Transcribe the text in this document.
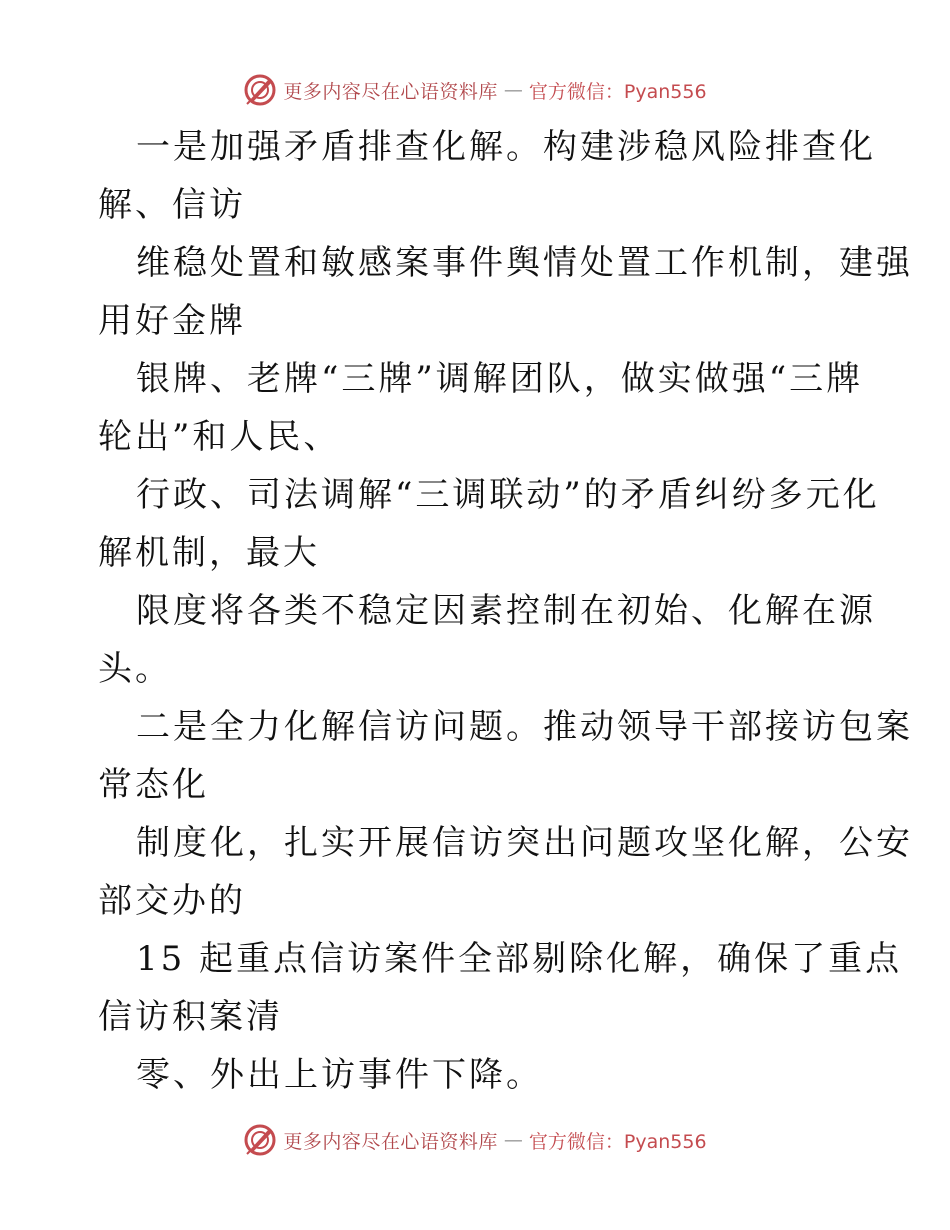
更多内容尽在心语资料库 — 官方微信：Pyan556
一是加强矛盾排查化解。构建涉稳风险排查化
解、信访
维稳处置和敏感案事件舆情处置工作机制，建强
用好金牌
银牌、老牌“三牌”调解团队，做实做强“三牌
轮出”和人民、
行政、司法调解“三调联动”的矛盾纠纷多元化
解机制，最大
限度将各类不稳定因素控制在初始、化解在源
头。
二是全力化解信访问题。推动领导干部接访包案
常态化
制度化，扎实开展信访突出问题攻坚化解，公安
部交办的
15 起重点信访案件全部剔除化解，确保了重点
信访积案清
零、外出上访事件下降。
更多内容尽在心语资料库 — 官方微信：Pyan556
